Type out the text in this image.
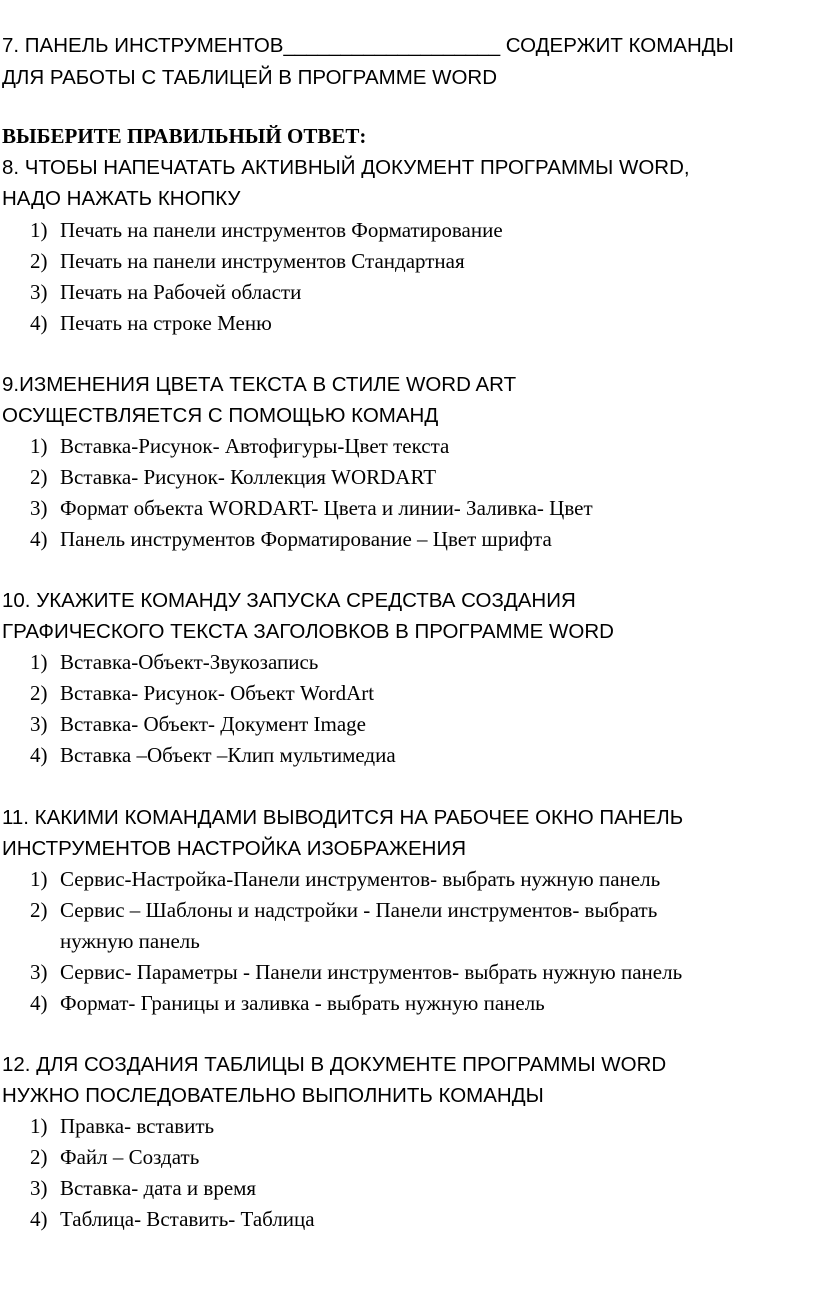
7. ПАНЕЛЬ ИНСТРУМЕНТОВ___________________ СОДЕРЖИТ КОМАНДЫ
ДЛЯ РАБОТЫ С ТАБЛИЦЕЙ В ПРОГРАММЕ WORD
ВЫБЕРИТЕ ПРАВИЛЬНЫЙ ОТВЕТ:
8. ЧТОБЫ НАПЕЧАТАТЬ АКТИВНЫЙ ДОКУМЕНТ ПРОГРАММЫ WORD,
НАДО НАЖАТЬ КНОПКУ
1) Печать на панели инструментов Форматирование
2) Печать на панели инструментов Стандартная
3) Печать на Рабочей области
4) Печать на строке Меню
9.ИЗМЕНЕНИЯ ЦВЕТА ТЕКСТА В СТИЛЕ WORD ART
ОСУЩЕСТВЛЯЕТСЯ С ПОМОЩЬЮ КОМАНД
1) Вставка-Рисунок- Автофигуры-Цвет текста
2) Вставка- Рисунок- Коллекция WORDART
3) Формат объекта WORDART- Цвета и линии- Заливка- Цвет
4) Панель инструментов Форматирование – Цвет шрифта
10. УКАЖИТЕ КОМАНДУ ЗАПУСКА СРЕДСТВА СОЗДАНИЯ
ГРАФИЧЕСКОГО ТЕКСТА ЗАГОЛОВКОВ В ПРОГРАММЕ WORD
1) Вставка-Объект-Звукозапись
2) Вставка- Рисунок- Объект WordArt
3) Вставка- Объект- Документ Image
4) Вставка –Объект –Клип мультимедиа
11. КАКИМИ КОМАНДАМИ ВЫВОДИТСЯ НА РАБОЧЕЕ ОКНО ПАНЕЛЬ
ИНСТРУМЕНТОВ НАСТРОЙКА ИЗОБРАЖЕНИЯ
1) Сервис-Настройка-Панели инструментов- выбрать нужную панель
2) Сервис – Шаблоны и надстройки - Панели инструментов- выбрать
нужную панель
3) Сервис- Параметры - Панели инструментов- выбрать нужную панель
4) Формат- Границы и заливка - выбрать нужную панель
12. ДЛЯ СОЗДАНИЯ ТАБЛИЦЫ В ДОКУМЕНТЕ ПРОГРАММЫ WORD
НУЖНО ПОСЛЕДОВАТЕЛЬНО ВЫПОЛНИТЬ КОМАНДЫ
1) Правка- вставить
2) Файл – Создать
3) Вставка- дата и время
4) Таблица- Вставить- Таблица
